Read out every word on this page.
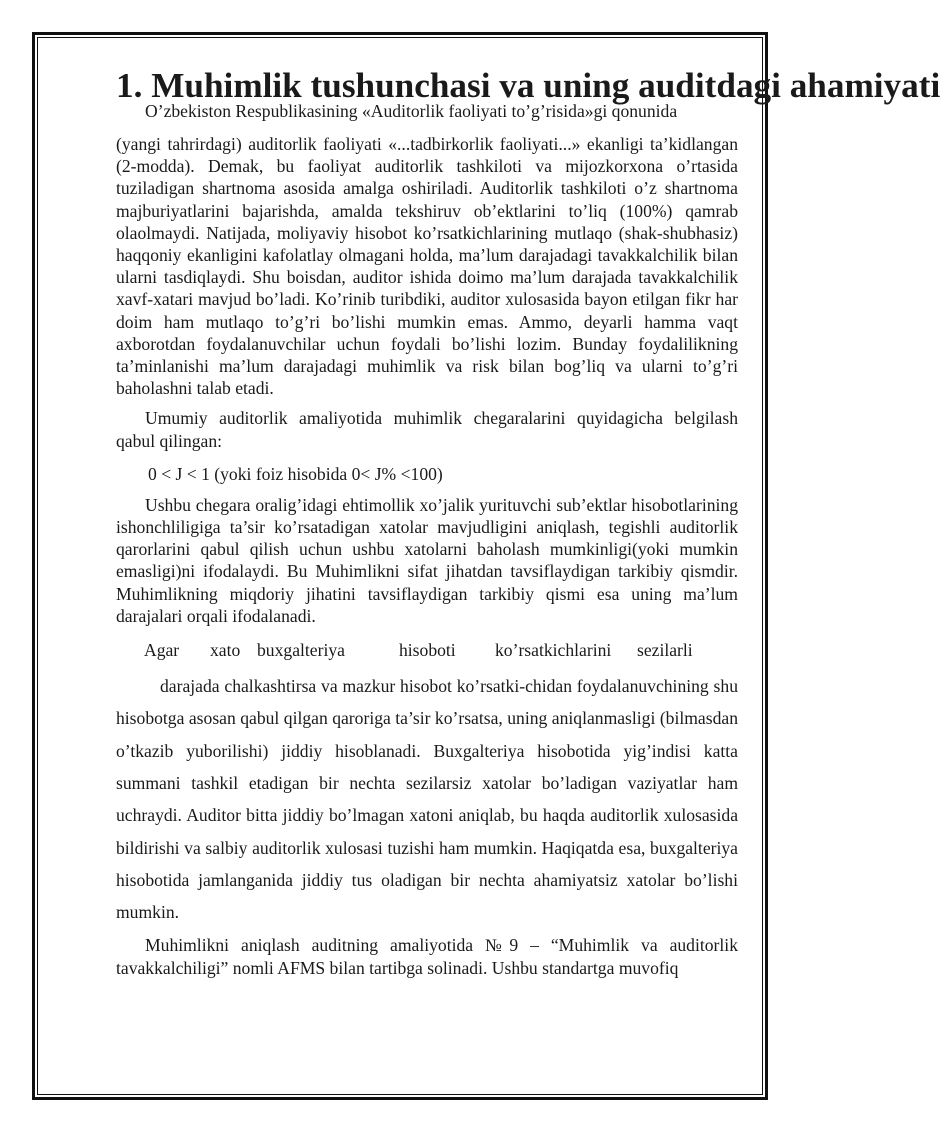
1. Muhimlik tushunchasi va uning auditdagi ahamiyati

O’zbekiston Respublikasining «Auditorlik faoliyati to’g’risida»gi qonunida

(yangi tahrirdagi) auditorlik faoliyati «...tadbirkorlik faoliyati...» ekanligi ta’kidlangan (2-modda). Demak, bu faoliyat auditorlik tashkiloti va mijozkorxona o’rtasida tuziladigan shartnoma asosida amalga oshiriladi. Auditorlik tashkiloti o’z shartnoma majburiyatlarini bajarishda, amalda tekshiruv ob’ektlarini to’liq (100%) qamrab olaolmaydi. Natijada, moliyaviy hisobot ko’rsatkichlarining mutlaqo (shak-shubhasiz) haqqoniy ekanligini kafolatlay olmagani holda, ma’lum darajadagi tavakkalchilik bilan ularni tasdiqlaydi. Shu boisdan, auditor ishida doimo ma’lum darajada tavakkalchilik xavf-xatari mavjud bo’ladi. Ko’rinib turibdiki, auditor xulosasida bayon etilgan fikr har doim ham mutlaqo to’g’ri bo’lishi mumkin emas. Ammo, deyarli hamma vaqt axborotdan foydalanuvchilar uchun foydali bo’lishi lozim. Bunday foydalilikning ta’minlanishi ma’lum darajadagi muhimlik va risk bilan bog’liq va ularni to’g’ri baholashni talab etadi.

Umumiy auditorlik amaliyotida muhimlik chegaralarini quyidagicha belgilash qabul qilingan:

0 < J < 1 (yoki foiz hisobida 0< J% <100)

Ushbu chegara oralig’idagi ehtimollik xo’jalik yurituvchi sub’ektlar hisobotlarining ishonchliligiga ta’sir ko’rsatadigan xatolar mavjudligini aniqlash, tegishli auditorlik qarorlarini qabul qilish uchun ushbu xatolarni baholash mumkinligi(yoki mumkin emasligi)ni ifodalaydi. Bu Muhimlikni sifat jihatdan tavsiflaydigan tarkibiy qismdir. Muhimlikning miqdoriy jihatini tavsiflaydigan tarkibiy qismi esa uning ma’lum darajalari orqali ifodalanadi.

Agar xato buxgalteriya	hisoboti ko’rsatkichlarini sezilarli

darajada chalkashtirsa va mazkur hisobot ko’rsatki-chidan foydalanuvchining shu hisobotga asosan qabul qilgan qaroriga ta’sir ko’rsatsa, uning aniqlanmasligi (bilmasdan o’tkazib yuborilishi) jiddiy hisoblanadi. Buxgalteriya hisobotida yig’indisi katta summani tashkil etadigan bir nechta sezilarsiz xatolar bo’ladigan vaziyatlar ham uchraydi. Auditor bitta jiddiy bo’lmagan xatoni aniqlab, bu haqda auditorlik xulosasida bildirishi va salbiy auditorlik xulosasi tuzishi ham mumkin. Haqiqatda esa, buxgalteriya hisobotida jamlanganida jiddiy tus oladigan bir nechta ahamiyatsiz xatolar bo’lishi mumkin.

Muhimlikni aniqlash auditning amaliyotida №9 – “Muhimlik va auditorlik tavakkalchiligi” nomli AFMS bilan tartibga solinadi. Ushbu standartga muvofiq
